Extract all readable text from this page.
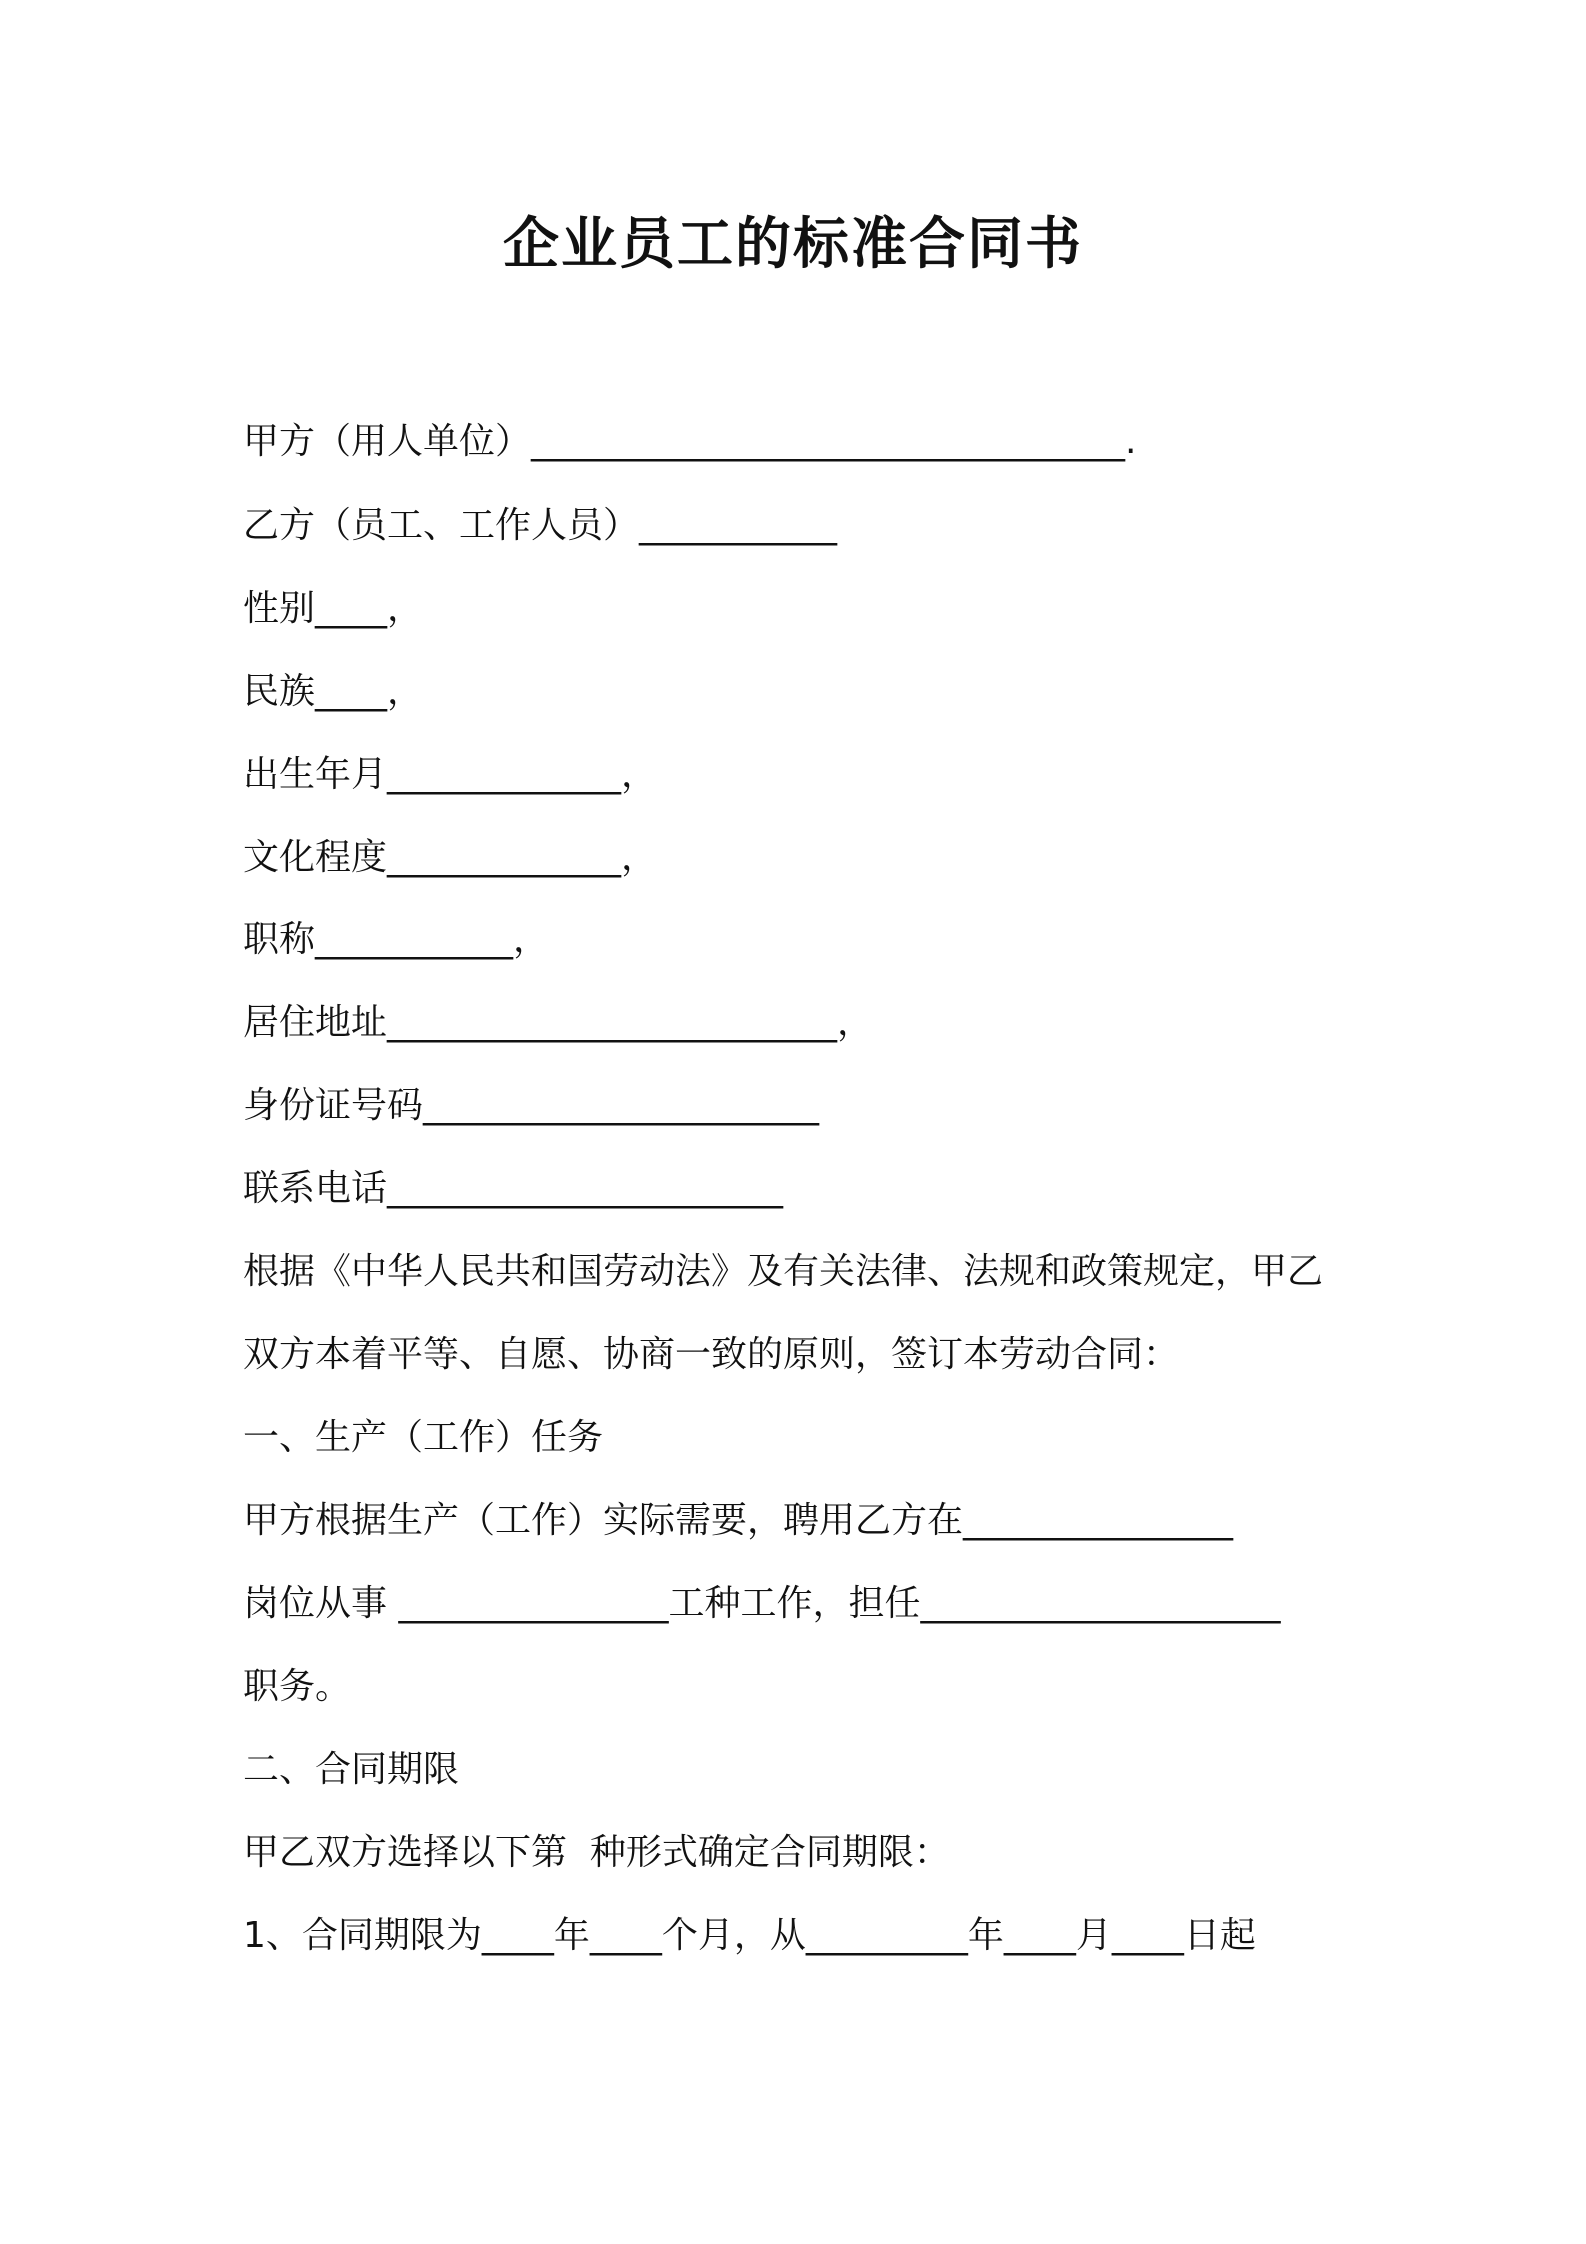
企业员工的标准合同书
甲方（用人单位）_________________________________.
乙方（员工、工作人员）___________
性别____，
民族____，
出生年月_____________，
文化程度_____________，
职称___________，
居住地址_________________________，
身份证号码______________________
联系电话______________________
根据《中华人民共和国劳动法》及有关法律、法规和政策规定，甲乙
双方本着平等、自愿、协商一致的原则，签订本劳动合同：
一、生产（工作）任务
甲方根据生产（工作）实际需要，聘用乙方在_______________
岗位从事 _______________工种工作，担任____________________
职务。
二、合同期限
甲乙双方选择以下第  种形式确定合同期限：
1、合同期限为____年____个月，从_________年____月____日起
